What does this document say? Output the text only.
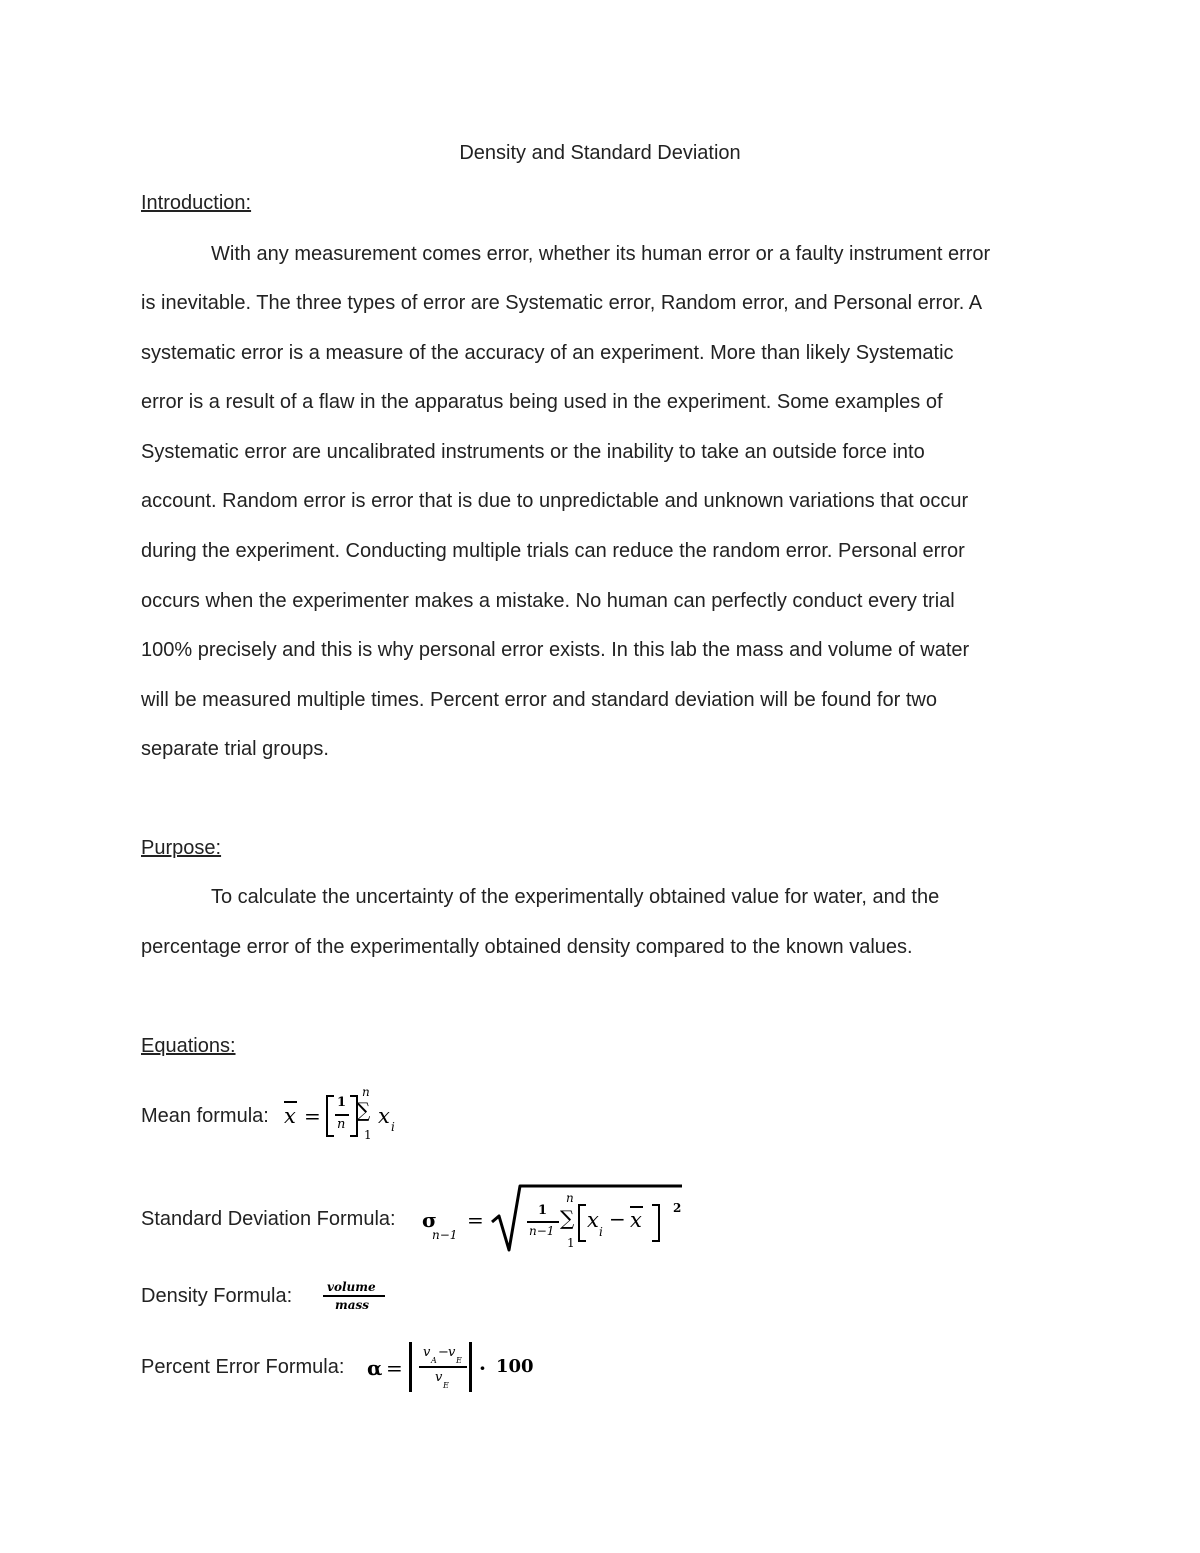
Density and Standard Deviation
Introduction:
With any measurement comes error, whether its human error or a faulty instrument error
is inevitable. The three types of error are Systematic error, Random error, and Personal error. A
systematic error is a measure of the accuracy of an experiment. More than likely Systematic
error is a result of a flaw in the apparatus being used in the experiment. Some examples of
Systematic error are uncalibrated instruments or the inability to take an outside force into
account. Random error is error that is due to unpredictable and unknown variations that occur
during the experiment. Conducting multiple trials can reduce the random error. Personal error
occurs when the experimenter makes a mistake. No human can perfectly conduct every trial
100% precisely and this is why personal error exists. In this lab the mass and volume of water
will be measured multiple times. Percent error and standard deviation will be found for two
separate trial groups.
Purpose:
To calculate the uncertainty of the experimentally obtained value for water, and the
percentage error of the experimentally obtained density compared to the known values.
Equations:
Mean formula: x =
1
n
n
∑
1
x i
Standard Deviation Formula: σ
n−1
=	1
n−1
n
∑
1
x i
− x	2
Density Formula:	volume
mass
Percent Error Formula: α =
v
A
− v
E
v
E
· 100
